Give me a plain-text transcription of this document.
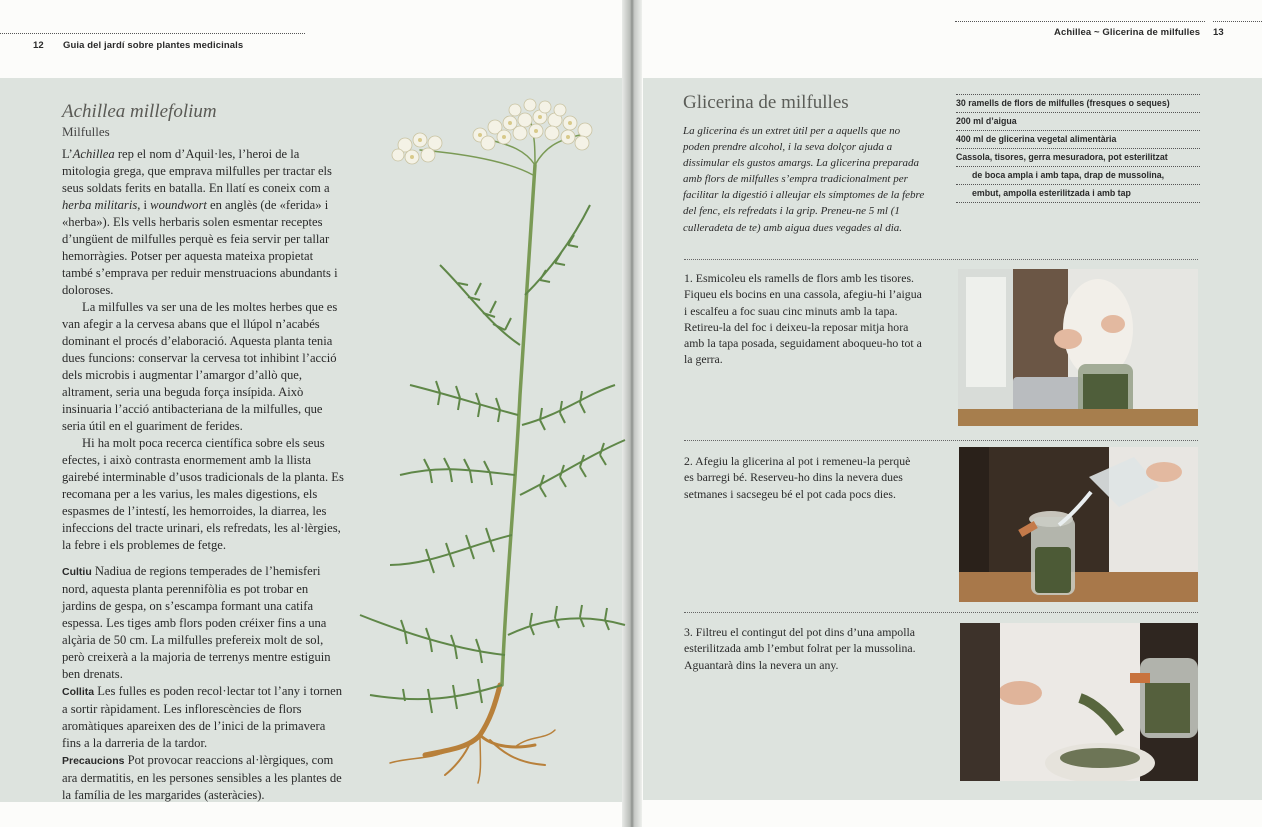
12 Guia del jardí sobre plantes medicinals
Achillea ~ Glicerina de milfulles 13
Achillea millefolium
Milfulles

L’Achillea rep el nom d’Aquil·les, l’heroi de la mitologia grega, que emprava milfulles per tractar els seus soldats ferits en batalla. En llatí es coneix com a herba militaris, i woundwort en anglès (de «ferida» i «herba»). Els vells herbaris solen esmentar receptes d’ungüent de milfulles perquè es feia servir per tallar hemorràgies. Potser per aquesta mateixa propietat també s’emprava per reduir menstruacions abundants i doloroses.

La milfulles va ser una de les moltes herbes que es van afegir a la cervesa abans que el llúpol n’acabés dominant el procés d’elaboració. Aquesta planta tenia dues funcions: conservar la cervesa tot inhibint l’acció dels microbis i augmentar l’amargor d’allò que, altrament, seria una beguda força insípida. Això insinuaria l’acció antibacteriana de la milfulles, que seria útil en el guariment de ferides.

Hi ha molt poca recerca científica sobre els seus efectes, i això contrasta enormement amb la llista gairebé interminable d’usos tradicionals de la planta. Es recomana per a les varius, les males digestions, els espasmes de l’intestí, les hemorroides, la diarrea, les infeccions del tracte urinari, els refredats, les al·lèrgies, la febre i els problemes de fetge.

Cultiu Nadiua de regions temperades de l’hemisferi nord, aquesta planta perennifòlia es pot trobar en jardins de gespa, on s’escampa formant una catifa espessa. Les tiges amb flors poden créixer fins a una alçària de 50 cm. La milfulles prefereix molt de sol, però creixerà a la majoria de terrenys mentre estiguin ben drenats.

Collita Les fulles es poden recol·lectar tot l’any i tornen a sortir ràpidament. Les inflorescències de flors aromàtiques apareixen des de l’inici de la primavera fins a la darreria de la tardor.

Precaucions Pot provocar reaccions al·lèrgiques, com ara dermatitis, en les persones sensibles a les plantes de la família de les margarides (asteràcies).

Glicerina de milfulles
La glicerina és un extret útil per a aquells que no poden prendre alcohol, i la seva dolçor ajuda a dissimular els gustos amargs. La glicerina preparada amb flors de milfulles s’empra tradicionalment per facilitar la digestió i alleujar els símptomes de la febre del fenc, els refredats i la grip. Preneu-ne 5 ml (1 culleradeta de te) amb aigua dues vegades al dia.
30 ramells de flors de milfulles (fresques o seques)
200 ml d’aigua
400 ml de glicerina vegetal alimentària
Cassola, tisores, gerra mesuradora, pot esterilitzat
de boca ampla i amb tapa, drap de mussolina,
embut, ampolla esterilitzada i amb tap
1. Esmicoleu els ramells de flors amb les tisores. Fiqueu els bocins en una cassola, afegiu-hi l’aigua i escalfeu a foc suau cinc minuts amb la tapa. Retireu-la del foc i deixeu-la reposar mitja hora amb la tapa posada, seguidament aboqueu-ho tot a la gerra.
2. Afegiu la glicerina al pot i remeneu-la perquè es barregi bé. Reserveu-ho dins la nevera dues setmanes i sacsegeu bé el pot cada pocs dies.
3. Filtreu el contingut del pot dins d’una ampolla esterilitzada amb l’embut folrat per la mussolina. Aguantarà dins la nevera un any.
